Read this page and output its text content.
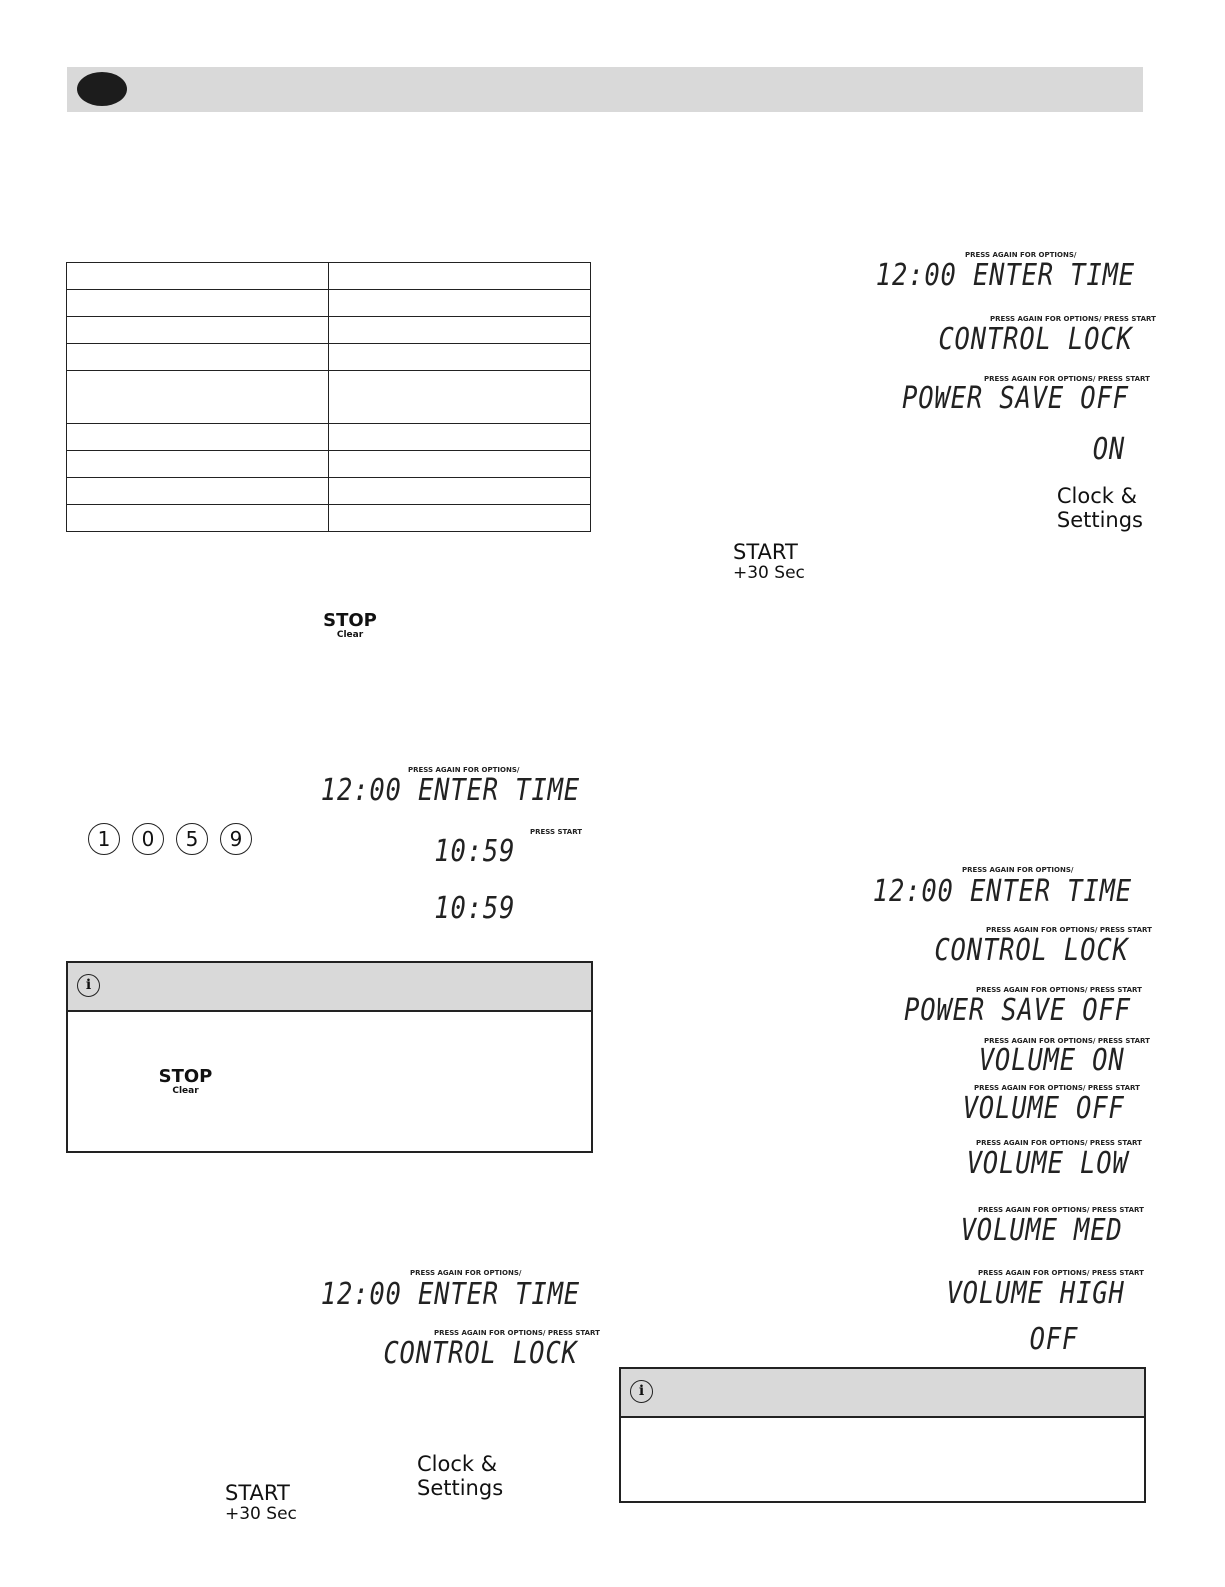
STOP
Clear
PRESS AGAIN FOR OPTIONS/
12:00 ENTER TIME
1	0	5	9	PRESS START
10:59
10:59
i
STOP
Clear
PRESS AGAIN FOR OPTIONS/
12:00 ENTER TIME
PRESS AGAIN FOR OPTIONS/ PRESS START
CONTROL LOCK
Clock &
Settings
START
+30 Sec
PRESS AGAIN FOR OPTIONS/
12:00 ENTER TIME
PRESS AGAIN FOR OPTIONS/ PRESS START
CONTROL LOCK
PRESS AGAIN FOR OPTIONS/ PRESS START
POWER SAVE OFF
ON
Clock &
Settings
START
+30 Sec
PRESS AGAIN FOR OPTIONS/
12:00 ENTER TIME
PRESS AGAIN FOR OPTIONS/ PRESS START
CONTROL LOCK
PRESS AGAIN FOR OPTIONS/ PRESS START
POWER SAVE OFF
PRESS AGAIN FOR OPTIONS/ PRESS START
VOLUME ON
PRESS AGAIN FOR OPTIONS/ PRESS START
VOLUME OFF
PRESS AGAIN FOR OPTIONS/ PRESS START
VOLUME LOW
PRESS AGAIN FOR OPTIONS/ PRESS START
VOLUME MED
PRESS AGAIN FOR OPTIONS/ PRESS START
VOLUME HIGH
OFF
i
